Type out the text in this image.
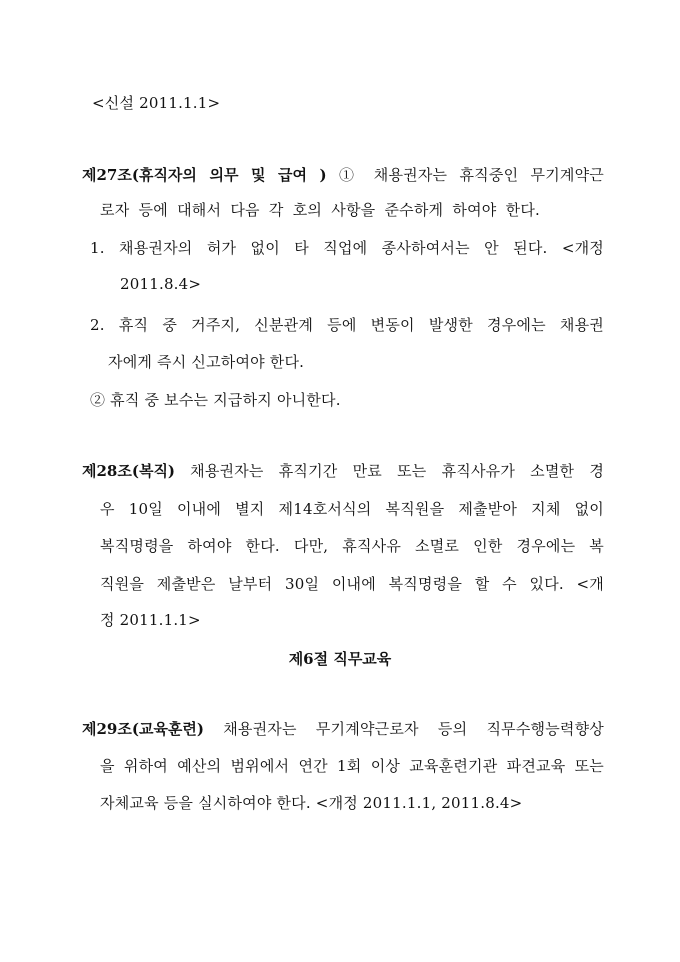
<신설 2011.1.1>
제27조(휴직자의 의무 및 급여 ) ① 채용권자는 휴직중인 무기계약근
로자 등에 대해서 다음 각 호의 사항을 준수하게 하여야 한다.
1. 채용권자의 허가 없이 타 직업에 종사하여서는 안 된다. <개정
2011.8.4>
2. 휴직 중 거주지, 신분관계 등에 변동이 발생한 경우에는 채용권
자에게 즉시 신고하여야 한다.
② 휴직 중 보수는 지급하지 아니한다.
제28조(복직) 채용권자는 휴직기간 만료 또는 휴직사유가 소멸한 경
우 10일 이내에 별지 제14호서식의 복직원을 제출받아 지체 없이
복직명령을 하여야 한다. 다만, 휴직사유 소멸로 인한 경우에는 복
직원을 제출받은 날부터 30일 이내에 복직명령을 할 수 있다. <개
정 2011.1.1>
제6절 직무교육
제29조(교육훈련) 채용권자는 무기계약근로자 등의 직무수행능력향상
을 위하여 예산의 범위에서 연간 1회 이상 교육훈련기관 파견교육 또는
자체교육 등을 실시하여야 한다. <개정 2011.1.1, 2011.8.4>
